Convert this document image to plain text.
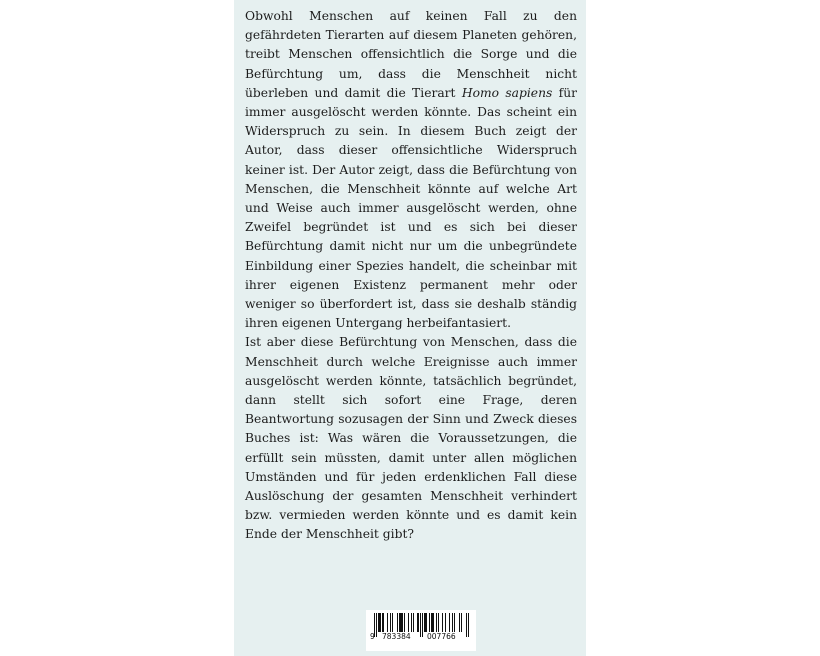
Obwohl Menschen auf keinen Fall zu den gefährdeten Tierarten auf diesem Planeten gehören, treibt Menschen offensichtlich die Sorge und die Befürchtung um, dass die Menschheit nicht überleben und damit die Tierart Homo sapiens für immer ausgelöscht werden könnte. Das scheint ein Widerspruch zu sein. In diesem Buch zeigt der Autor, dass dieser offensichtliche Widerspruch keiner ist. Der Autor zeigt, dass die Befürchtung von Menschen, die Menschheit könnte auf welche Art und Weise auch immer ausgelöscht werden, ohne Zweifel begründet ist und es sich bei dieser Befürchtung damit nicht nur um die unbegründete Einbildung einer Spezies handelt, die scheinbar mit ihrer eigenen Existenz permanent mehr oder weniger so überfordert ist, dass sie deshalb ständig ihren eigenen Untergang herbeifantasiert.

Ist aber diese Befürchtung von Menschen, dass die Menschheit durch welche Ereignisse auch immer ausgelöscht werden könnte, tatsächlich begründet, dann stellt sich sofort eine Frage, deren Beantwortung sozusagen der Sinn und Zweck dieses Buches ist: Was wären die Voraussetzungen, die erfüllt sein müssten, damit unter allen möglichen Umständen und für jeden erdenklichen Fall diese Auslöschung der gesamten Menschheit verhindert bzw. vermieden werden könnte und es damit kein Ende der Menschheit gibt?

9 783384 007766
